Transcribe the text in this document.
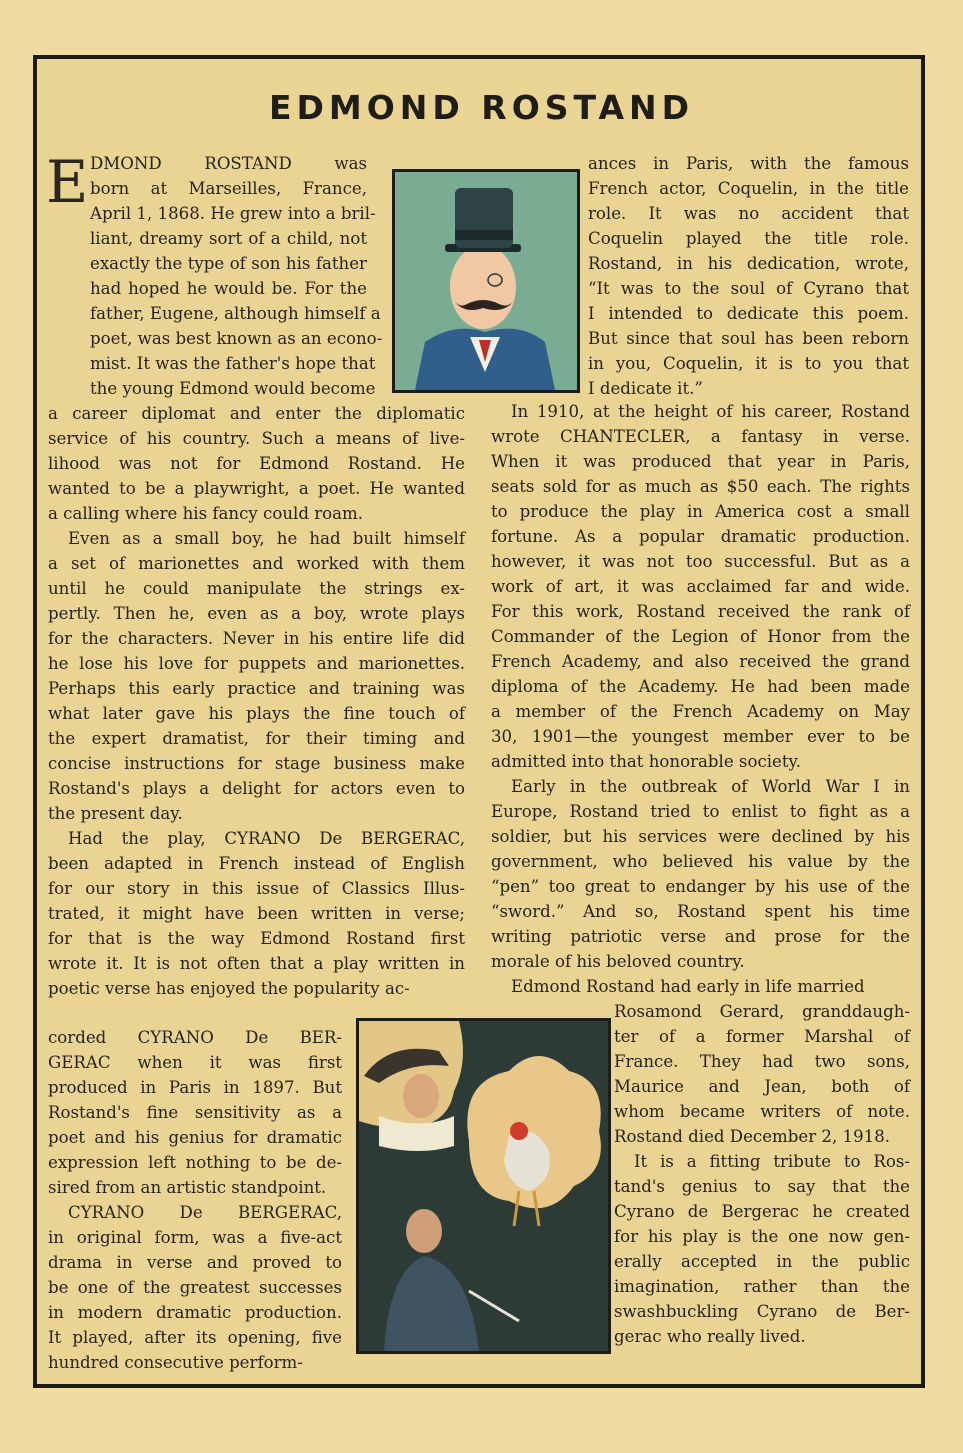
EDMOND ROSTAND
E DMOND ROSTAND was
born at Marseilles, France,
April 1, 1868. He grew into a bril-
liant, dreamy sort of a child, not
exactly the type of son his father
had hoped he would be. For the
father, Eugene, although himself a
poet, was best known as an econo-
mist. It was the father's hope that
the young Edmond would become
a career diplomat and enter the diplomatic
service of his country. Such a means of live-
lihood was not for Edmond Rostand. He
wanted to be a playwright, a poet. He wanted
a calling where his fancy could roam.
Even as a small boy, he had built himself
a set of marionettes and worked with them
until he could manipulate the strings ex-
pertly. Then he, even as a boy, wrote plays
for the characters. Never in his entire life did
he lose his love for puppets and marionettes.
Perhaps this early practice and training was
what later gave his plays the fine touch of
the expert dramatist, for their timing and
concise instructions for stage business make
Rostand's plays a delight for actors even to
the present day.
Had the play, CYRANO De BERGERAC,
been adapted in French instead of English
for our story in this issue of Classics Illus-
trated, it might have been written in verse;
for that is the way Edmond Rostand first
wrote it. It is not often that a play written in
poetic verse has enjoyed the popularity ac-
corded CYRANO De BER-
GERAC when it was first
produced in Paris in 1897. But
Rostand's fine sensitivity as a
poet and his genius for dramatic
expression left nothing to be de-
sired from an artistic standpoint.
CYRANO De BERGERAC,
in original form, was a five-act
drama in verse and proved to
be one of the greatest successes
in modern dramatic production.
It played, after its opening, five
hundred consecutive perform-
ances in Paris, with the famous
French actor, Coquelin, in the title
role. It was no accident that
Coquelin played the title role.
Rostand, in his dedication, wrote,
“It was to the soul of Cyrano that
I intended to dedicate this poem.
But since that soul has been reborn
in you, Coquelin, it is to you that
I dedicate it.”
In 1910, at the height of his career, Rostand
wrote CHANTECLER, a fantasy in verse.
When it was produced that year in Paris,
seats sold for as much as $50 each. The rights
to produce the play in America cost a small
fortune. As a popular dramatic production.
however, it was not too successful. But as a
work of art, it was acclaimed far and wide.
For this work, Rostand received the rank of
Commander of the Legion of Honor from the
French Academy, and also received the grand
diploma of the Academy. He had been made
a member of the French Academy on May
30, 1901—the youngest member ever to be
admitted into that honorable society.
Early in the outbreak of World War I in
Europe, Rostand tried to enlist to fight as a
soldier, but his services were declined by his
government, who believed his value by the
“pen” too great to endanger by his use of the
“sword.” And so, Rostand spent his time
writing patriotic verse and prose for the
morale of his beloved country.
Edmond Rostand had early in life married
Rosamond Gerard, granddaugh-
ter of a former Marshal of
France. They had two sons,
Maurice and Jean, both of
whom became writers of note.
Rostand died December 2, 1918.
It is a fitting tribute to Ros-
tand's genius to say that the
Cyrano de Bergerac he created
for his play is the one now gen-
erally accepted in the public
imagination, rather than the
swashbuckling Cyrano de Ber-
gerac who really lived.
